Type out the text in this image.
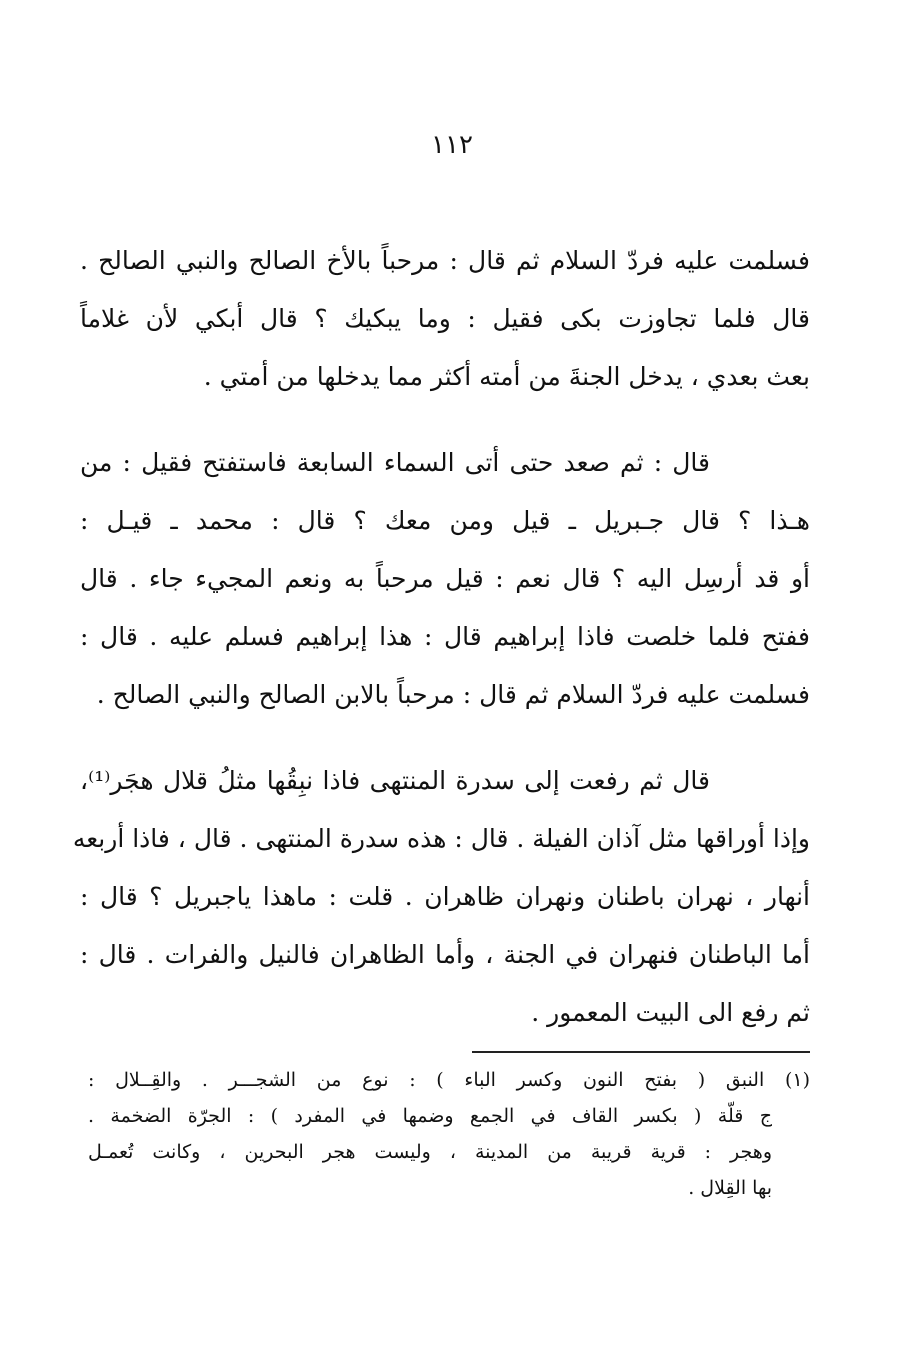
١١٢
فسلمت عليه فردّ السلام ثم قال : مرحباً بالأخ الصالح والنبي الصالح .
قال فلما تجاوزت بكى فقيل : وما يبكيك ؟ قال أبكي لأن غلاماً
بعث بعدي ، يدخل الجنةَ من أمته أكثر مما يدخلها من أمتي .
قال : ثم صعد حتى أتى السماء السابعة فاستفتح فقيل : من
هـذا ؟ قال جـبريل ـ قيل ومن معك ؟ قال : محمد ـ قيـل :
أو قد أرسِل اليه ؟ قال نعم : قيل مرحباً به ونعم المجيء جاء . قال
ففتح فلما خلصت فاذا إبراهيم قال : هذا إبراهيم فسلم عليه . قال :
فسلمت عليه فردّ السلام ثم قال : مرحباً بالابن الصالح والنبي الصالح .
قال ثم رفعت إلى سدرة المنتهى فاذا نبِقُها مثلُ قلال هجَر⁽¹⁾،
وإذا أوراقها مثل آذان الفيلة . قال : هذه سدرة المنتهى . قال ، فاذا أربعه
أنهار ، نهران باطنان ونهران ظاهران . قلت : ماهذا ياجبريل ؟ قال :
أما الباطنان فنهران في الجنة ، وأما الظاهران فالنيل والفرات . قال :
ثم رفع الى البيت المعمور .
(١) النبق ( بفتح النون وكسر الباء ) : نوع من الشجـــر . والقِــلال :
ج قلّة ( بكسر القاف في الجمع وضمها في المفرد ) : الجرّة الضخمة .
وهجر : قرية قريبة من المدينة ، وليست هجر البحرين ، وكانت تُعمـل
بها القِلال .
